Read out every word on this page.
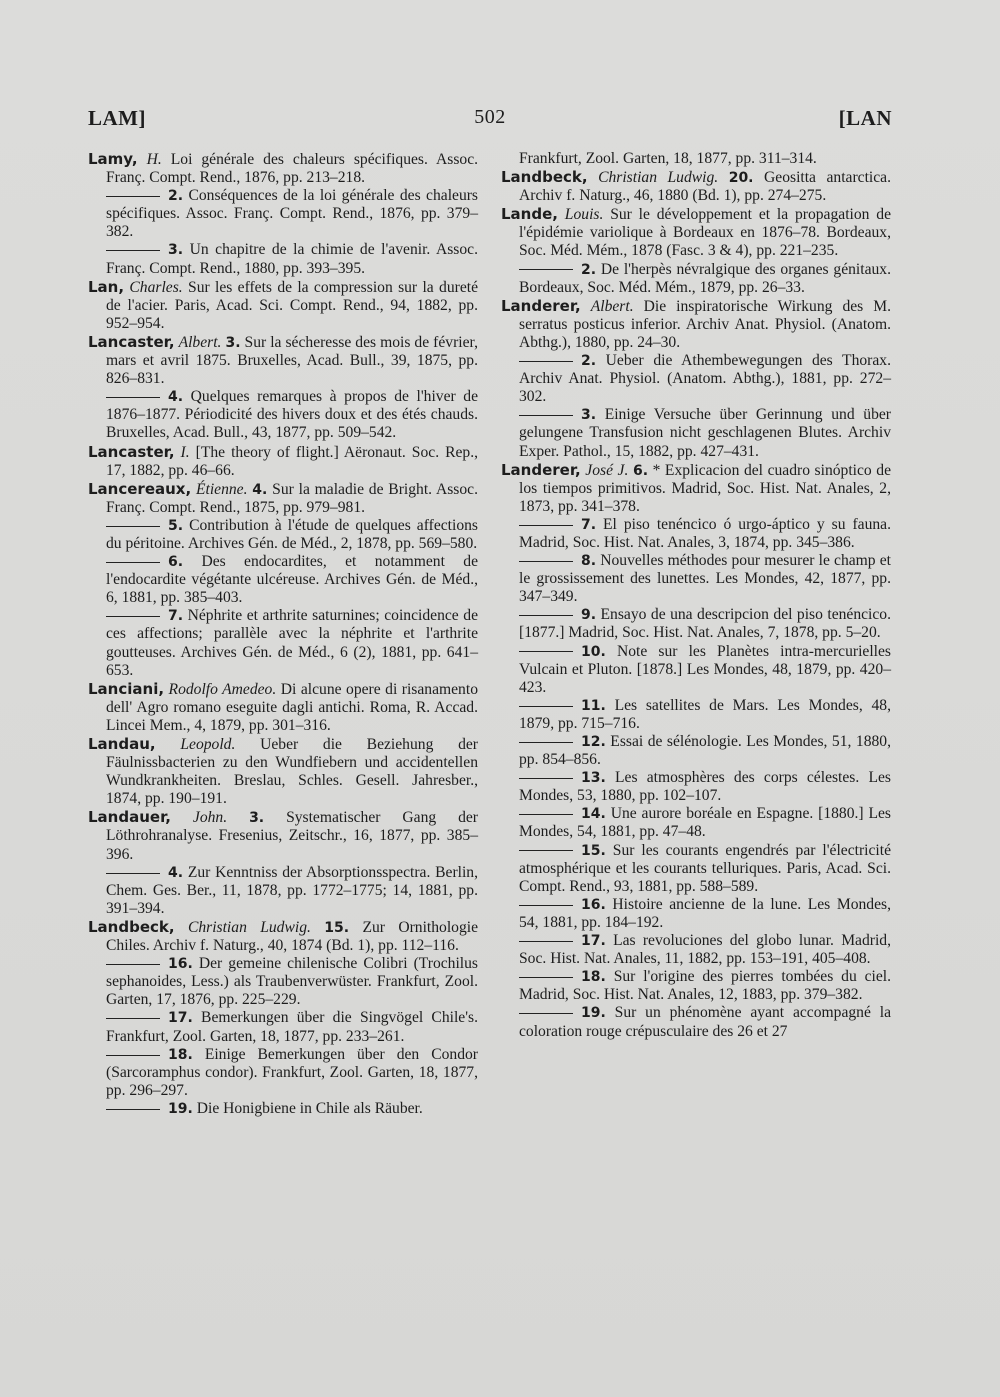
LAM]	502	[LAN

Lamy, H. Loi générale des chaleurs spécifiques. Assoc. Franç. Compt. Rend., 1876, pp. 213–218.

2. Conséquences de la loi générale des chaleurs spécifiques. Assoc. Franç. Compt. Rend., 1876, pp. 379–382.

3. Un chapitre de la chimie de l'avenir. Assoc. Franç. Compt. Rend., 1880, pp. 393–395.

Lan, Charles. Sur les effets de la compression sur la dureté de l'acier. Paris, Acad. Sci. Compt. Rend., 94, 1882, pp. 952–954.

Lancaster, Albert. 3. Sur la sécheresse des mois de février, mars et avril 1875. Bruxelles, Acad. Bull., 39, 1875, pp. 826–831.

4. Quelques remarques à propos de l'hiver de 1876–1877. Périodicité des hivers doux et des étés chauds. Bruxelles, Acad. Bull., 43, 1877, pp. 509–542.

Lancaster, I. [The theory of flight.] Aëronaut. Soc. Rep., 17, 1882, pp. 46–66.

Lancereaux, Étienne. 4. Sur la maladie de Bright. Assoc. Franç. Compt. Rend., 1875, pp. 979–981.

5. Contribution à l'étude de quelques affections du péritoine. Archives Gén. de Méd., 2, 1878, pp. 569–580.

6. Des endocardites, et notamment de l'endocardite végétante ulcéreuse. Archives Gén. de Méd., 6, 1881, pp. 385–403.

7. Néphrite et arthrite saturnines; coincidence de ces affections; parallèle avec la néphrite et l'arthrite goutteuses. Archives Gén. de Méd., 6 (2), 1881, pp. 641–653.

Lanciani, Rodolfo Amedeo. Di alcune opere di risanamento dell' Agro romano eseguite dagli antichi. Roma, R. Accad. Lincei Mem., 4, 1879, pp. 301–316.

Landau, Leopold. Ueber die Beziehung der Fäulnissbacterien zu den Wundfiebern und accidentellen Wundkrankheiten. Breslau, Schles. Gesell. Jahresber., 1874, pp. 190–191.

Landauer, John. 3. Systematischer Gang der Löthrohranalyse. Fresenius, Zeitschr., 16, 1877, pp. 385–396.

4. Zur Kenntniss der Absorptionsspectra. Berlin, Chem. Ges. Ber., 11, 1878, pp. 1772–1775; 14, 1881, pp. 391–394.

Landbeck, Christian Ludwig. 15. Zur Ornithologie Chiles. Archiv f. Naturg., 40, 1874 (Bd. 1), pp. 112–116.

16. Der gemeine chilenische Colibri (Trochilus sephanoides, Less.) als Traubenverwüster. Frankfurt, Zool. Garten, 17, 1876, pp. 225–229.

17. Bemerkungen über die Singvögel Chile's. Frankfurt, Zool. Garten, 18, 1877, pp. 233–261.

18. Einige Bemerkungen über den Condor (Sarcoramphus condor). Frankfurt, Zool. Garten, 18, 1877, pp. 296–297.

19. Die Honigbiene in Chile als Räuber.

Frankfurt, Zool. Garten, 18, 1877, pp. 311–314.

Landbeck, Christian Ludwig. 20. Geositta antarctica. Archiv f. Naturg., 46, 1880 (Bd. 1), pp. 274–275.

Lande, Louis. Sur le développement et la propagation de l'épidémie variolique à Bordeaux en 1876–78. Bordeaux, Soc. Méd. Mém., 1878 (Fasc. 3 & 4), pp. 221–235.

2. De l'herpès névralgique des organes génitaux. Bordeaux, Soc. Méd. Mém., 1879, pp. 26–33.

Landerer, Albert. Die inspiratorische Wirkung des M. serratus posticus inferior. Archiv Anat. Physiol. (Anatom. Abthg.), 1880, pp. 24–30.

2. Ueber die Athembewegungen des Thorax. Archiv Anat. Physiol. (Anatom. Abthg.), 1881, pp. 272–302.

3. Einige Versuche über Gerinnung und über gelungene Transfusion nicht geschlagenen Blutes. Archiv Exper. Pathol., 15, 1882, pp. 427–431.

Landerer, José J. 6. * Explicacion del cuadro sinóptico de los tiempos primitivos. Madrid, Soc. Hist. Nat. Anales, 2, 1873, pp. 341–378.

7. El piso tenéncico ó urgo-áptico y su fauna. Madrid, Soc. Hist. Nat. Anales, 3, 1874, pp. 345–386.

8. Nouvelles méthodes pour mesurer le champ et le grossissement des lunettes. Les Mondes, 42, 1877, pp. 347–349.

9. Ensayo de una descripcion del piso tenéncico. [1877.] Madrid, Soc. Hist. Nat. Anales, 7, 1878, pp. 5–20.

10. Note sur les Planètes intra-mercurielles Vulcain et Pluton. [1878.] Les Mondes, 48, 1879, pp. 420–423.

11. Les satellites de Mars. Les Mondes, 48, 1879, pp. 715–716.

12. Essai de sélénologie. Les Mondes, 51, 1880, pp. 854–856.

13. Les atmosphères des corps célestes. Les Mondes, 53, 1880, pp. 102–107.

14. Une aurore boréale en Espagne. [1880.] Les Mondes, 54, 1881, pp. 47–48.

15. Sur les courants engendrés par l'électricité atmosphérique et les courants telluriques. Paris, Acad. Sci. Compt. Rend., 93, 1881, pp. 588–589.

16. Histoire ancienne de la lune. Les Mondes, 54, 1881, pp. 184–192.

17. Las revoluciones del globo lunar. Madrid, Soc. Hist. Nat. Anales, 11, 1882, pp. 153–191, 405–408.

18. Sur l'origine des pierres tombées du ciel. Madrid, Soc. Hist. Nat. Anales, 12, 1883, pp. 379–382.

19. Sur un phénomène ayant accompagné la coloration rouge crépusculaire des 26 et 27
